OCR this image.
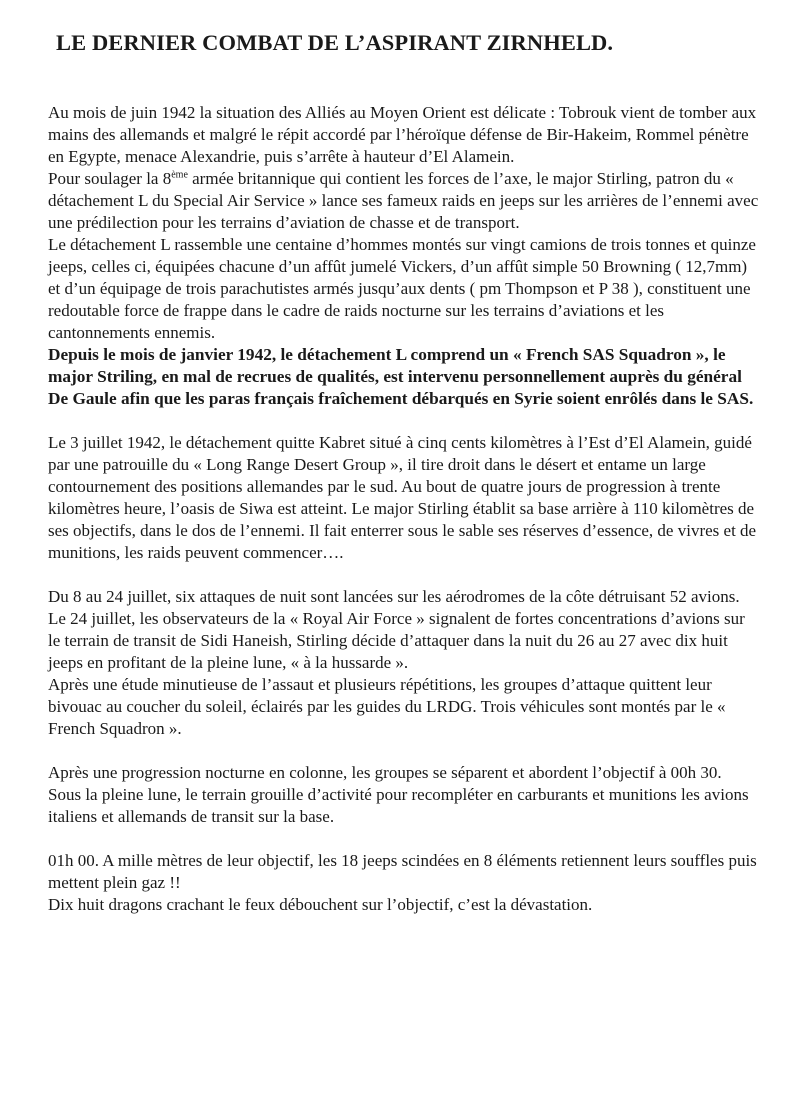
LE DERNIER COMBAT DE L’ASPIRANT ZIRNHELD.

Au mois de juin 1942 la situation des Alliés au Moyen Orient est délicate : Tobrouk vient de tomber aux mains des allemands et malgré le répit accordé par l’héroïque défense de Bir-Hakeim, Rommel pénètre en Egypte, menace Alexandrie, puis s’arrête à hauteur d’El Alamein.

Pour soulager la 8ème armée britannique qui contient les forces de l’axe, le major Stirling, patron du « détachement L du Special Air Service » lance ses fameux raids en jeeps sur les arrières de l’ennemi avec une prédilection pour les terrains d’aviation de chasse et de transport.

Le détachement L rassemble une centaine d’hommes montés sur vingt camions de trois tonnes et quinze jeeps, celles ci, équipées chacune d’un affût jumelé Vickers, d’un affût simple 50 Browning ( 12,7mm) et d’un équipage de trois parachutistes armés jusqu’aux dents ( pm Thompson et P 38 ), constituent une redoutable force de frappe dans le cadre de raids nocturne sur les terrains d’aviations et les cantonnements ennemis.

Depuis le mois de janvier 1942, le détachement L comprend un « French SAS Squadron », le major Striling, en mal de recrues de qualités, est intervenu personnellement auprès du général De Gaule afin que les paras français fraîchement débarqués en Syrie soient enrôlés dans le SAS.

Le 3 juillet 1942, le détachement quitte Kabret situé à cinq cents kilomètres à l’Est d’El Alamein, guidé par une patrouille du « Long Range Desert Group », il tire droit dans le désert et entame un large contournement des positions allemandes par le sud. Au bout de quatre jours de progression à trente kilomètres heure, l’oasis de Siwa est atteint. Le major Stirling établit sa base arrière à 110 kilomètres de ses objectifs, dans le dos de l’ennemi. Il fait enterrer sous le sable ses réserves d’essence, de vivres et de munitions, les raids peuvent commencer….

Du 8 au 24 juillet, six attaques de nuit sont lancées sur les aérodromes de la côte détruisant 52 avions.

Le 24 juillet, les observateurs de la « Royal Air Force » signalent de fortes concentrations d’avions sur le terrain de transit de Sidi Haneish, Stirling décide d’attaquer dans la nuit du 26 au 27 avec dix huit jeeps en profitant de la pleine lune, « à la hussarde ».

Après une étude minutieuse de l’assaut et plusieurs répétitions, les groupes d’attaque quittent leur bivouac au coucher du soleil, éclairés par les guides du LRDG. Trois véhicules sont montés par le « French Squadron ».

Après une progression nocturne en colonne, les groupes se séparent et abordent l’objectif à 00h 30.

Sous la pleine lune, le terrain grouille d’activité pour recompléter en carburants et munitions les avions italiens et allemands de transit sur la base.

01h 00. A mille mètres de leur objectif, les 18 jeeps scindées en 8 éléments retiennent leurs souffles puis mettent plein gaz !!

Dix huit dragons crachant le feux débouchent sur l’objectif, c’est la dévastation.
